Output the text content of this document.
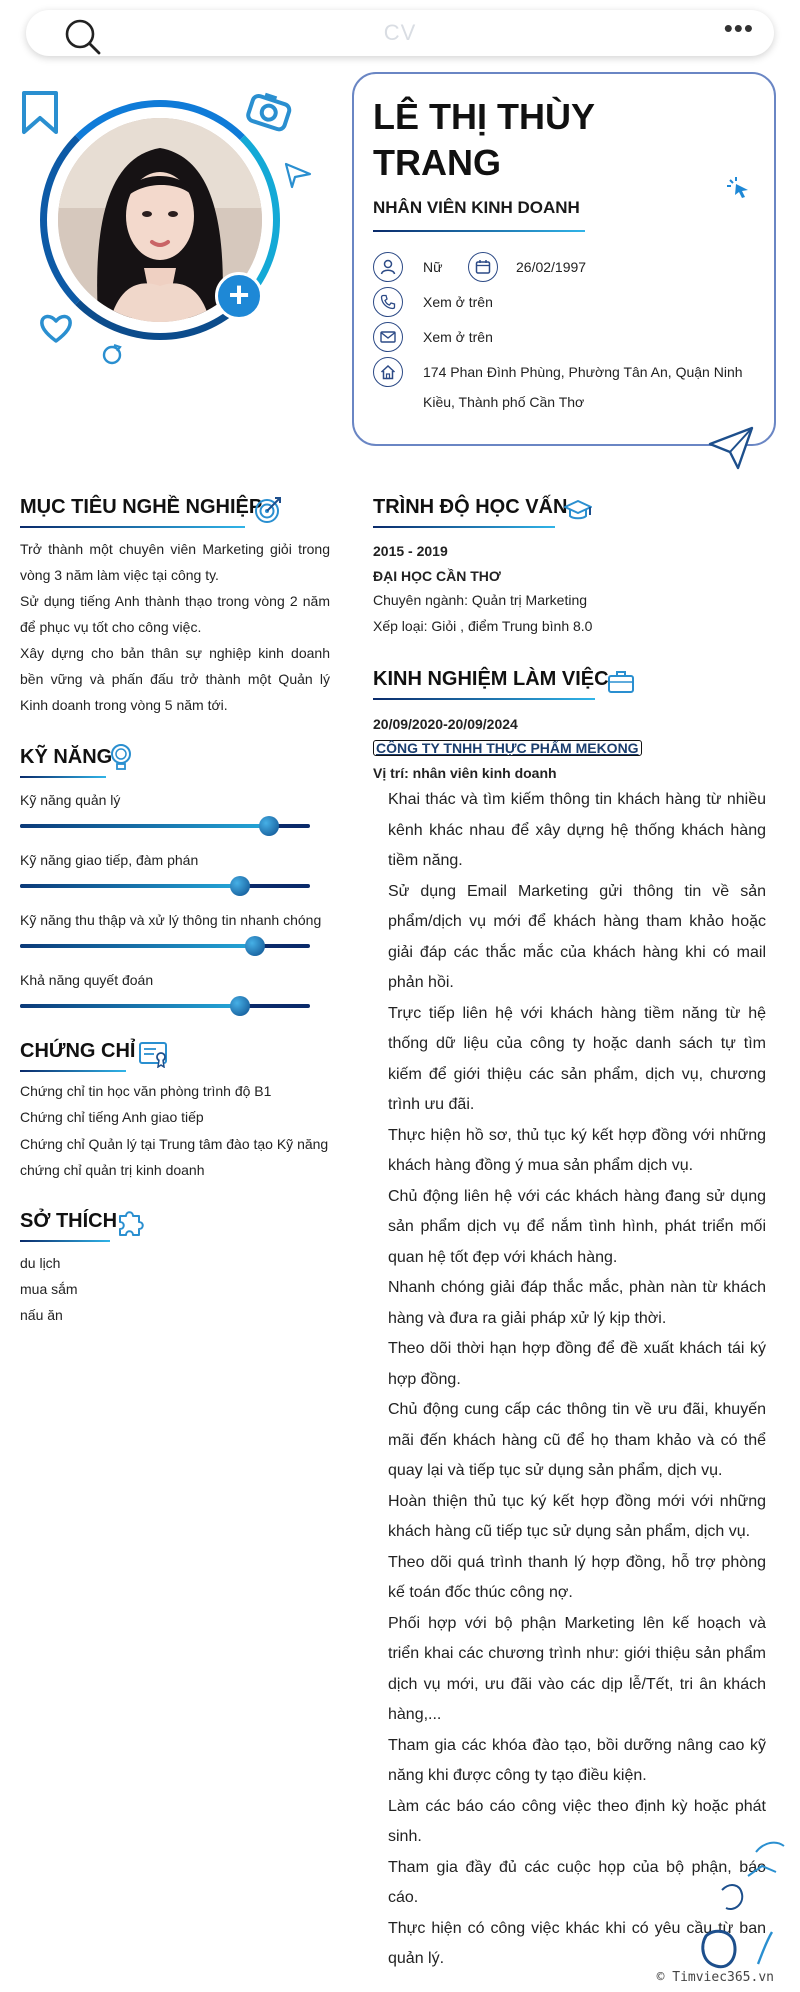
CV	•••
+
LÊ THỊ THÙY TRANG
NHÂN VIÊN KINH DOANH
Nữ	26/02/1997
Xem ở trên
Xem ở trên
174 Phan Đình Phùng, Phường Tân An, Quận Ninh
Kiều, Thành phố Cần Thơ
MỤC TIÊU NGHỀ NGHIỆP
Trở thành một chuyên viên Marketing giỏi trong vòng 3 năm làm việc tại công ty.
Sử dụng tiếng Anh thành thạo trong vòng 2 năm để phục vụ tốt cho công việc.
Xây dựng cho bản thân sự nghiệp kinh doanh bền vững và phấn đấu trở thành một Quản lý Kinh doanh trong vòng 5 năm tới.
KỸ NĂNG
Kỹ năng quản lý
Kỹ năng giao tiếp, đàm phán
Kỹ năng thu thập và xử lý thông tin nhanh chóng
Khả năng quyết đoán
CHỨNG CHỈ
Chứng chỉ tin học văn phòng trình độ B1
Chứng chỉ tiếng Anh giao tiếp
Chứng chỉ Quản lý tại Trung tâm đào tạo Kỹ năng chứng chỉ quản trị kinh doanh
SỞ THÍCH
du lịch
mua sắm
nấu ăn
TRÌNH ĐỘ HỌC VẤN
2015 - 2019
ĐẠI HỌC CẦN THƠ
Chuyên ngành: Quản trị Marketing
Xếp loại: Giỏi , điểm Trung bình 8.0
KINH NGHIỆM LÀM VIỆC
20/09/2020-20/09/2024
CÔNG TY TNHH THỰC PHẨM MEKONG
Vị trí: nhân viên kinh doanh

Khai thác và tìm kiếm thông tin khách hàng từ nhiều kênh khác nhau để xây dựng hệ thống khách hàng tiềm năng.

Sử dụng Email Marketing gửi thông tin về sản phẩm/dịch vụ mới để khách hàng tham khảo hoặc giải đáp các thắc mắc của khách hàng khi có mail phản hồi.

Trực tiếp liên hệ với khách hàng tiềm năng từ hệ thống dữ liệu của công ty hoặc danh sách tự tìm kiếm để giới thiệu các sản phẩm, dịch vụ, chương trình ưu đãi.

Thực hiện hồ sơ, thủ tục ký kết hợp đồng với những khách hàng đồng ý mua sản phẩm dịch vụ.

Chủ động liên hệ với các khách hàng đang sử dụng sản phẩm dịch vụ để nắm tình hình, phát triển mối quan hệ tốt đẹp với khách hàng.

Nhanh chóng giải đáp thắc mắc, phàn nàn từ khách hàng và đưa ra giải pháp xử lý kịp thời.

Theo dõi thời hạn hợp đồng để đề xuất khách tái ký hợp đồng.

Chủ động cung cấp các thông tin về ưu đãi, khuyến mãi đến khách hàng cũ để họ tham khảo và có thể quay lại và tiếp tục sử dụng sản phẩm, dịch vụ.

Hoàn thiện thủ tục ký kết hợp đồng mới với những khách hàng cũ tiếp tục sử dụng sản phẩm, dịch vụ.

Theo dõi quá trình thanh lý hợp đồng, hỗ trợ phòng kế toán đốc thúc công nợ.

Phối hợp với bộ phận Marketing lên kế hoạch và triển khai các chương trình như: giới thiệu sản phẩm dịch vụ mới, ưu đãi vào các dịp lễ/Tết, tri ân khách hàng,...

Tham gia các khóa đào tạo, bồi dưỡng nâng cao kỹ năng khi được công ty tạo điều kiện.

Làm các báo cáo công việc theo định kỳ hoặc phát sinh.

Tham gia đầy đủ các cuộc họp của bộ phận, báo cáo.

Thực hiện có công việc khác khi có yêu cầu từ ban quản lý.

© Timviec365.vn
